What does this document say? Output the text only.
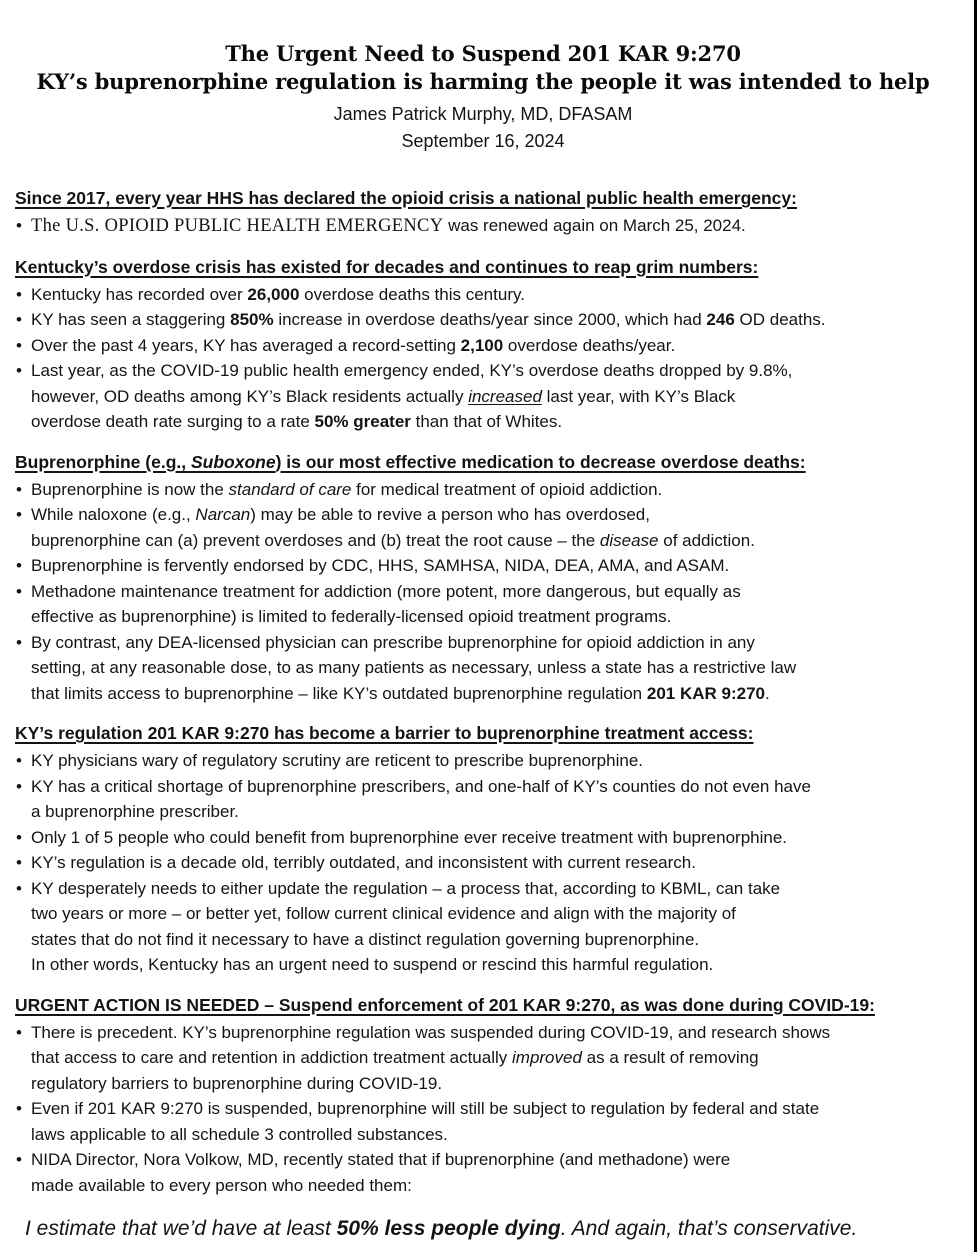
The Urgent Need to Suspend 201 KAR 9:270
KY’s buprenorphine regulation is harming the people it was intended to help
James Patrick Murphy, MD, DFASAM
September 16, 2024
Since 2017, every year HHS has declared the opioid crisis a national public health emergency:
• The U.S. OPIOID PUBLIC HEALTH EMERGENCY was renewed again on March 25, 2024.
Kentucky’s overdose crisis has existed for decades and continues to reap grim numbers:
• Kentucky has recorded over 26,000 overdose deaths this century.
• KY has seen a staggering 850% increase in overdose deaths/year since 2000, which had 246 OD deaths.
• Over the past 4 years, KY has averaged a record-setting 2,100 overdose deaths/year.
• Last year, as the COVID-19 public health emergency ended, KY’s overdose deaths dropped by 9.8%,
however, OD deaths among KY’s Black residents actually increased last year, with KY’s Black
overdose death rate surging to a rate 50% greater than that of Whites.
Buprenorphine (e.g., Suboxone) is our most effective medication to decrease overdose deaths:
• Buprenorphine is now the standard of care for medical treatment of opioid addiction.
• While naloxone (e.g., Narcan) may be able to revive a person who has overdosed,
buprenorphine can (a) prevent overdoses and (b) treat the root cause – the disease of addiction.
• Buprenorphine is fervently endorsed by CDC, HHS, SAMHSA, NIDA, DEA, AMA, and ASAM.
• Methadone maintenance treatment for addiction (more potent, more dangerous, but equally as
effective as buprenorphine) is limited to federally-licensed opioid treatment programs.
• By contrast, any DEA-licensed physician can prescribe buprenorphine for opioid addiction in any
setting, at any reasonable dose, to as many patients as necessary, unless a state has a restrictive law
that limits access to buprenorphine – like KY’s outdated buprenorphine regulation 201 KAR 9:270.
KY’s regulation 201 KAR 9:270 has become a barrier to buprenorphine treatment access:
• KY physicians wary of regulatory scrutiny are reticent to prescribe buprenorphine.
• KY has a critical shortage of buprenorphine prescribers, and one-half of KY’s counties do not even have
a buprenorphine prescriber.
• Only 1 of 5 people who could benefit from buprenorphine ever receive treatment with buprenorphine.
• KY’s regulation is a decade old, terribly outdated, and inconsistent with current research.
• KY desperately needs to either update the regulation – a process that, according to KBML, can take
two years or more – or better yet, follow current clinical evidence and align with the majority of
states that do not find it necessary to have a distinct regulation governing buprenorphine.
In other words, Kentucky has an urgent need to suspend or rescind this harmful regulation.
URGENT ACTION IS NEEDED – Suspend enforcement of 201 KAR 9:270, as was done during COVID-19:
• There is precedent. KY’s buprenorphine regulation was suspended during COVID-19, and research shows
that access to care and retention in addiction treatment actually improved as a result of removing
regulatory barriers to buprenorphine during COVID-19.
• Even if 201 KAR 9:270 is suspended, buprenorphine will still be subject to regulation by federal and state
laws applicable to all schedule 3 controlled substances.
• NIDA Director, Nora Volkow, MD, recently stated that if buprenorphine (and methadone) were
made available to every person who needed them:
I estimate that we’d have at least 50% less people dying. And again, that’s conservative.
